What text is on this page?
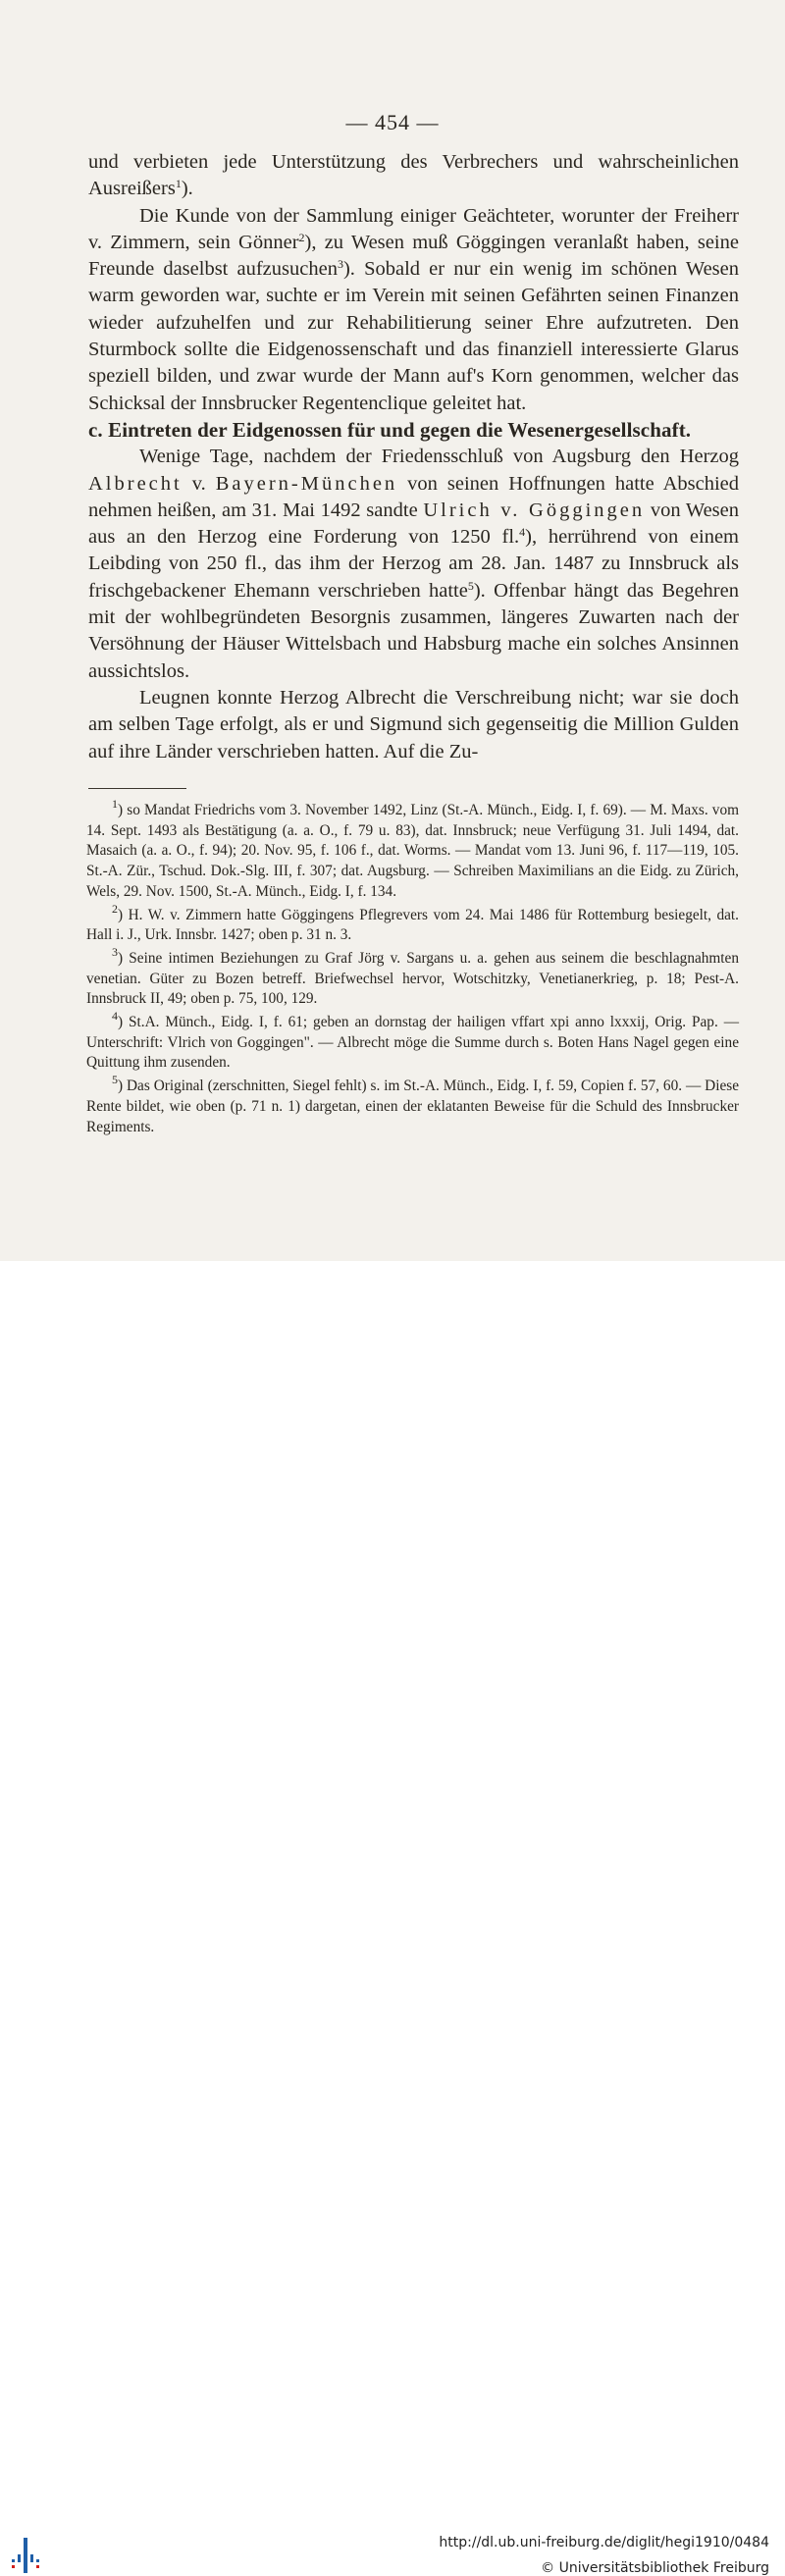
— 454 —

und verbieten jede Unterstützung des Verbrechers und wahrscheinlichen Ausreißers$^1$).

Die Kunde von der Sammlung einiger Geächteter, worunter der Freiherr v. Zimmern, sein Gönner$^2$), zu Wesen muß Göggingen veranlaßt haben, seine Freunde daselbst aufzusuchen$^3$). Sobald er nur ein wenig im schönen Wesen warm geworden war, suchte er im Verein mit seinen Gefährten seinen Finanzen wieder aufzuhelfen und zur Rehabilitierung seiner Ehre aufzutreten. Den Sturmbock sollte die Eidgenossenschaft und das finanziell interessierte Glarus speziell bilden, und zwar wurde der Mann auf's Korn genommen, welcher das Schicksal der Innsbrucker Regentenclique geleitet hat.

c. Eintreten der Eidgenossen für und gegen die Wesenergesellschaft.

Wenige Tage, nachdem der Friedensschluß von Augsburg den Herzog Albrecht v. Bayern-München von seinen Hoffnungen hatte Abschied nehmen heißen, am 31. Mai 1492 sandte Ulrich v. Göggingen von Wesen aus an den Herzog eine Forderung von 1250 fl.$^4$), herrührend von einem Leibding von 250 fl., das ihm der Herzog am 28. Jan. 1487 zu Innsbruck als frischgebackener Ehemann verschrieben hatte$^5$). Offenbar hängt das Begehren mit der wohlbegründeten Besorgnis zusammen, längeres Zuwarten nach der Versöhnung der Häuser Wittelsbach und Habsburg mache ein solches Ansinnen aussichtslos.

Leugnen konnte Herzog Albrecht die Verschreibung nicht; war sie doch am selben Tage erfolgt, als er und Sigmund sich gegenseitig die Million Gulden auf ihre Länder verschrieben hatten. Auf die Zu-

$^1$) so Mandat Friedrichs vom 3. November 1492, Linz (St.-A. Münch., Eidg. I, f. 69). — M. Maxs. vom 14. Sept. 1493 als Bestätigung (a. a. O., f. 79 u. 83), dat. Innsbruck; neue Verfügung 31. Juli 1494, dat. Masaich (a. a. O., f. 94); 20. Nov. 95, f. 106 f., dat. Worms. — Mandat vom 13. Juni 96, f. 117—119, 105. St.-A. Zür., Tschud. Dok.-Slg. III, f. 307; dat. Augsburg. — Schreiben Maximilians an die Eidg. zu Zürich, Wels, 29. Nov. 1500, St.-A. Münch., Eidg. I, f. 134.

$^2$) H. W. v. Zimmern hatte Göggingens Pflegrevers vom 24. Mai 1486 für Rottemburg besiegelt, dat. Hall i. J., Urk. Innsbr. 1427; oben p. 31 n. 3.

$^3$) Seine intimen Beziehungen zu Graf Jörg v. Sargans u. a. gehen aus seinem die beschlagnahmten venetian. Güter zu Bozen betreff. Briefwechsel hervor, Wotschitzky, Venetianerkrieg, p. 18; Pest-A. Innsbruck II, 49; oben p. 75, 100, 129.

$^4$) St.A. Münch., Eidg. I, f. 61; geben an dornstag der hailigen vffart xpi anno lxxxij, Orig. Pap. — Unterschrift: Vlrich von Goggingen". — Albrecht möge die Summe durch s. Boten Hans Nagel gegen eine Quittung ihm zusenden.

$^5$) Das Original (zerschnitten, Siegel fehlt) s. im St.-A. Münch., Eidg. I, f. 59, Copien f. 57, 60. — Diese Rente bildet, wie oben (p. 71 n. 1) dargetan, einen der eklatanten Beweise für die Schuld des Innsbrucker Regiments.

http://dl.ub.uni-freiburg.de/diglit/hegi1910/0484
© Universitätsbibliothek Freiburg
